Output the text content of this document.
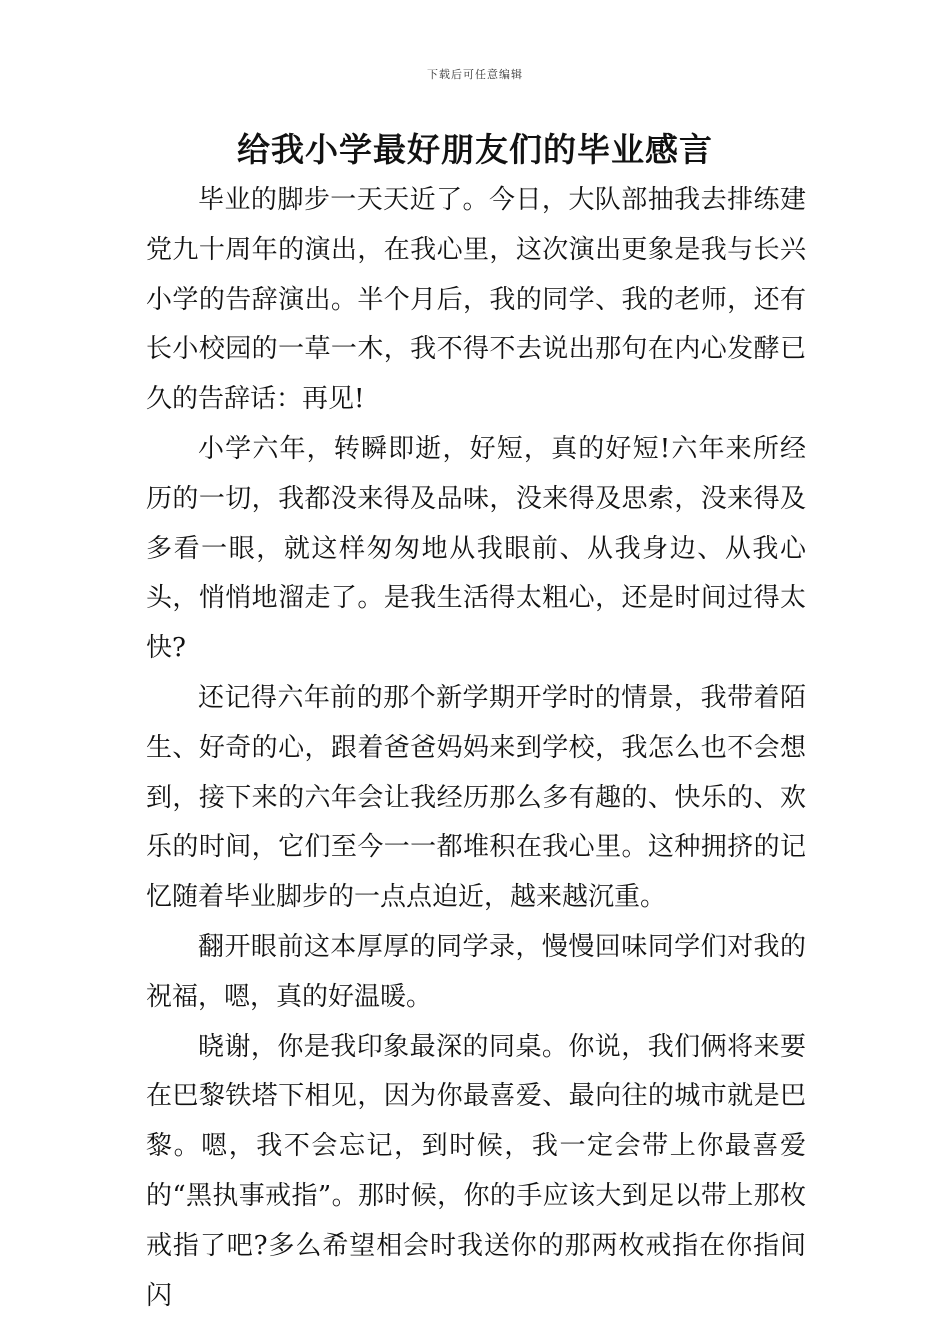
下载后可任意编辑
给我小学最好朋友们的毕业感言

毕业的脚步一天天近了。今日，大队部抽我去排练建党九十周年的演出，在我心里，这次演出更象是我与长兴小学的告辞演出。半个月后，我的同学、我的老师，还有长小校园的一草一木，我不得不去说出那句在内心发酵已久的告辞话：再见!

小学六年，转瞬即逝，好短，真的好短!六年来所经历的一切，我都没来得及品味，没来得及思索，没来得及多看一眼，就这样匆匆地从我眼前、从我身边、从我心头，悄悄地溜走了。是我生活得太粗心，还是时间过得太快?

还记得六年前的那个新学期开学时的情景，我带着陌生、好奇的心，跟着爸爸妈妈来到学校，我怎么也不会想到，接下来的六年会让我经历那么多有趣的、快乐的、欢乐的时间，它们至今一一都堆积在我心里。这种拥挤的记忆随着毕业脚步的一点点迫近，越来越沉重。

翻开眼前这本厚厚的同学录，慢慢回味同学们对我的祝福，嗯，真的好温暖。

晓谢，你是我印象最深的同桌。你说，我们俩将来要在巴黎铁塔下相见，因为你最喜爱、最向往的城市就是巴黎。嗯，我不会忘记，到时候，我一定会带上你最喜爱的“黑执事戒指”。那时候，你的手应该大到足以带上那枚戒指了吧?多么希望相会时我送你的那两枚戒指在你指间闪
